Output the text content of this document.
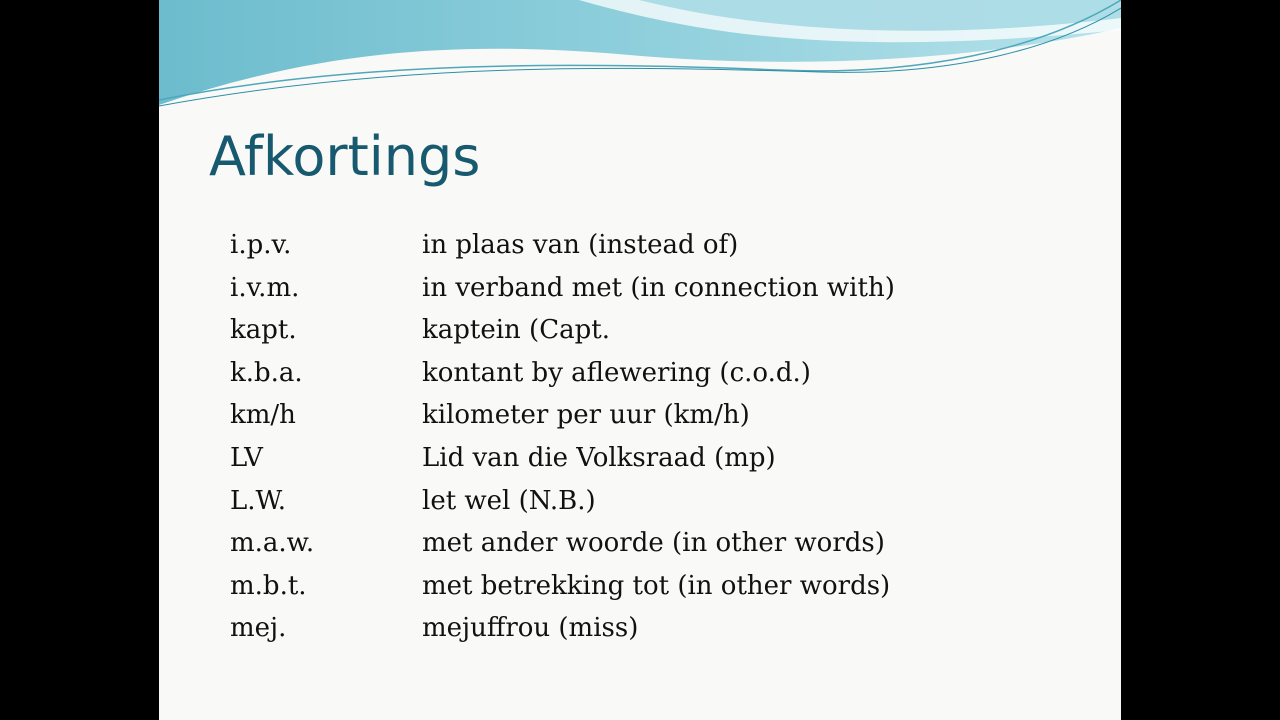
Afkortings
i.p.v.	in plaas van (instead of)
i.v.m.	in verband met (in connection with)
kapt.	kaptein (Capt.
k.b.a.	kontant by aflewering (c.o.d.)
km/h	kilometer per uur (km/h)
LV	Lid van die Volksraad (mp)
L.W.	let wel (N.B.)
m.a.w.	met ander woorde (in other words)
m.b.t.	met betrekking tot (in other words)
mej.	mejuffrou (miss)
